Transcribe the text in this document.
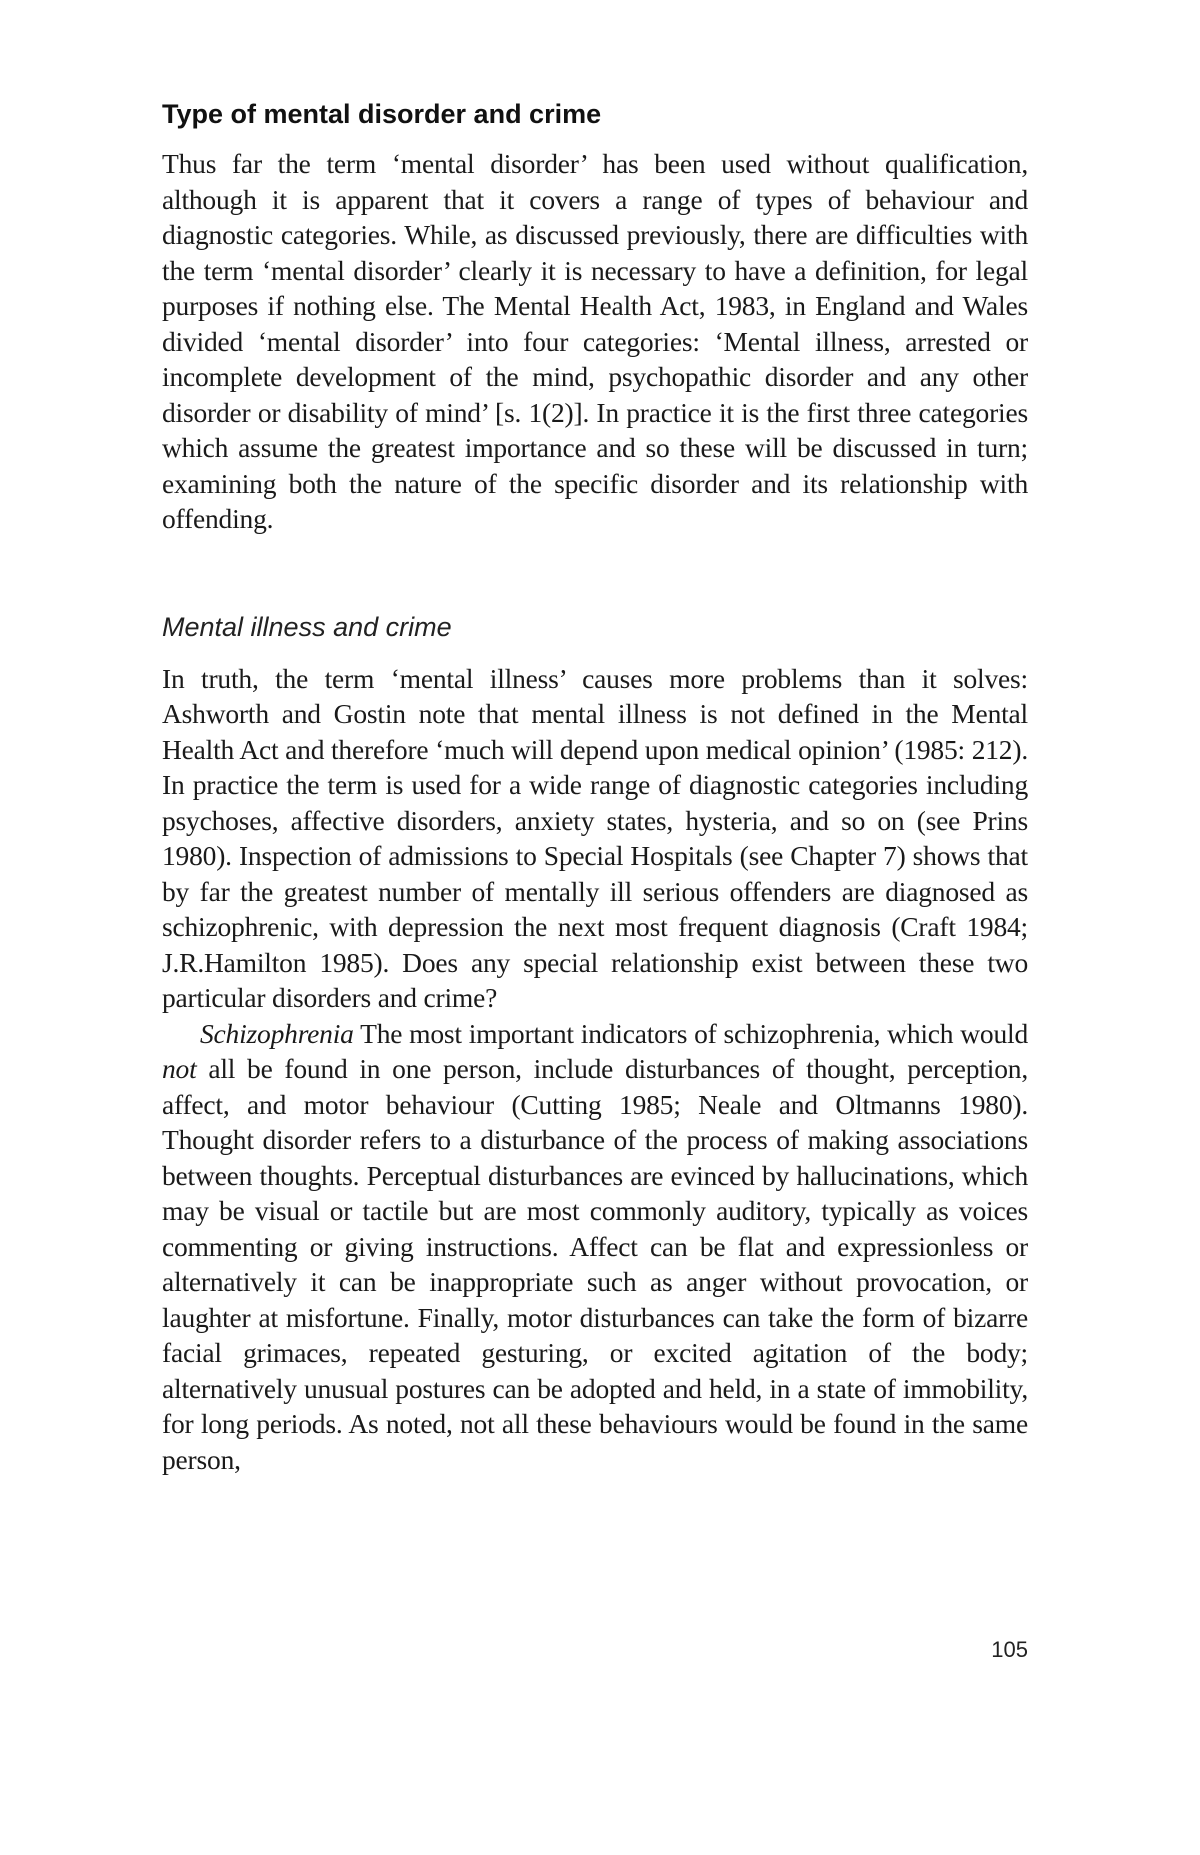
Type of mental disorder and crime

Thus far the term ‘mental disorder’ has been used without qualification, although it is apparent that it covers a range of types of behaviour and diagnostic categories. While, as discussed previously, there are difficulties with the term ‘mental disorder’ clearly it is necessary to have a definition, for legal purposes if nothing else. The Mental Health Act, 1983, in England and Wales divided ‘mental disorder’ into four categories: ‘Mental illness, arrested or incomplete development of the mind, psychopathic disorder and any other disorder or disability of mind’ [s. 1(2)]. In practice it is the first three categories which assume the greatest importance and so these will be discussed in turn; examining both the nature of the specific disorder and its relationship with offending.

Mental illness and crime

In truth, the term ‘mental illness’ causes more problems than it solves: Ashworth and Gostin note that mental illness is not defined in the Mental Health Act and therefore ‘much will depend upon medical opinion’ (1985: 212). In practice the term is used for a wide range of diagnostic categories including psychoses, affective disorders, anxiety states, hysteria, and so on (see Prins 1980). Inspection of admissions to Special Hospitals (see Chapter 7) shows that by far the greatest number of mentally ill serious offenders are diagnosed as schizophrenic, with depression the next most frequent diagnosis (Craft 1984; J.R.Hamilton 1985). Does any special relationship exist between these two particular disorders and crime?

Schizophrenia The most important indicators of schizophrenia, which would not all be found in one person, include disturbances of thought, perception, affect, and motor behaviour (Cutting 1985; Neale and Oltmanns 1980). Thought disorder refers to a disturbance of the process of making associations between thoughts. Perceptual disturbances are evinced by hallucinations, which may be visual or tactile but are most commonly auditory, typically as voices commenting or giving instructions. Affect can be flat and expressionless or alternatively it can be inappropriate such as anger without provocation, or laughter at misfortune. Finally, motor disturbances can take the form of bizarre facial grimaces, repeated gesturing, or excited agitation of the body; alternatively unusual postures can be adopted and held, in a state of immobility, for long periods. As noted, not all these behaviours would be found in the same person,

105
